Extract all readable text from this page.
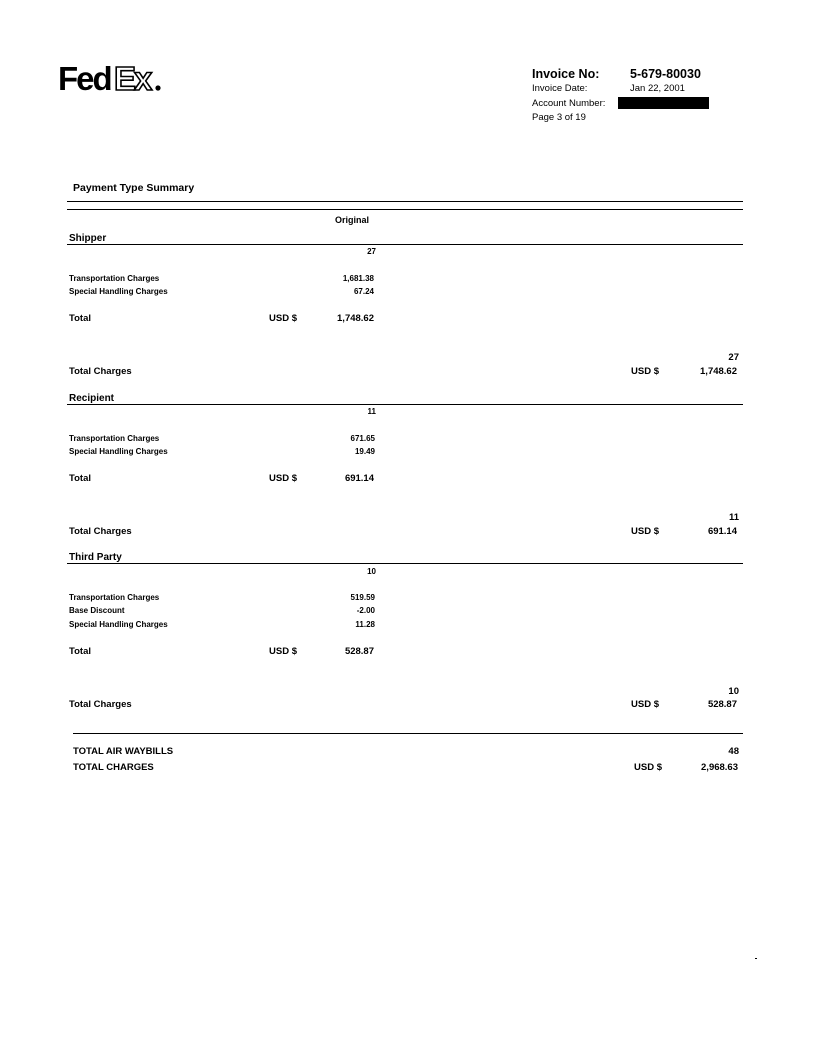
Fed Ex	Invoice No: 5-679-80030
Invoice Date:	Jan 22, 2001
Account Number:
Page 3 of 19
Payment Type Summary
Original
Shipper
27
Transportation Charges	1,681.38
Special Handling Charges	67.24
Total	USD $	1,748.62
27
Total Charges	USD $	1,748.62
Recipient
11
Transportation Charges	671.65
Special Handling Charges	19.49
Total	USD $	691.14
11
Total Charges	USD $	691.14
Third Party
10
Transportation Charges	519.59
Base Discount	-2.00
Special Handling Charges	11.28
Total	USD $	528.87
10
Total Charges	USD $	528.87
TOTAL AIR WAYBILLS	48
TOTAL CHARGES	USD $	2,968.63
